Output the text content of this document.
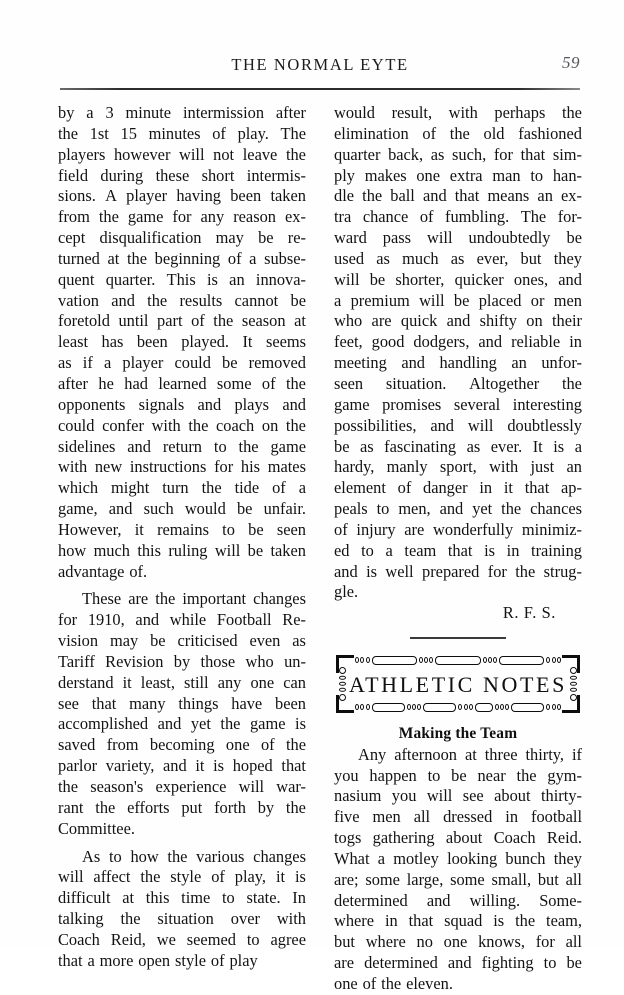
THE NORMAL EYTE	59
by a 3 minute intermission after
the 1st 15 minutes of play. The
players however will not leave the
field during these short intermis-
sions. A player having been taken
from the game for any reason ex-
cept disqualification may be re-
turned at the beginning of a subse-
quent quarter. This is an innova-
vation and the results cannot be
foretold until part of the season at
least has been played. It seems
as if a player could be removed
after he had learned some of the
opponents signals and plays and
could confer with the coach on the
sidelines and return to the game
with new instructions for his mates
which might turn the tide of a
game, and such would be unfair.
However, it remains to be seen
how much this ruling will be taken
advantage of.
These are the important changes
for 1910, and while Football Re-
vision may be criticised even as
Tariff Revision by those who un-
derstand it least, still any one can
see that many things have been
accomplished and yet the game is
saved from becoming one of the
parlor variety, and it is hoped that
the season's experience will war-
rant the efforts put forth by the
Committee.
As to how the various changes
will affect the style of play, it is
difficult at this time to state. In
talking the situation over with
Coach Reid, we seemed to agree
that a more open style of play
would result, with perhaps the
elimination of the old fashioned
quarter back, as such, for that sim-
ply makes one extra man to han-
dle the ball and that means an ex-
tra chance of fumbling. The for-
ward pass will undoubtedly be
used as much as ever, but they
will be shorter, quicker ones, and
a premium will be placed or men
who are quick and shifty on their
feet, good dodgers, and reliable in
meeting and handling an unfor-
seen situation. Altogether the
game promises several interesting
possibilities, and will doubtlessly
be as fascinating as ever. It is a
hardy, manly sport, with just an
element of danger in it that ap-
peals to men, and yet the chances
of injury are wonderfully minimiz-
ed to a team that is in training
and is well prepared for the strug-
gle.
R. F. S.
ATHLETIC NOTES
Making the Team
Any afternoon at three thirty, if
you happen to be near the gym-
nasium you will see about thirty-
five men all dressed in football
togs gathering about Coach Reid.
What a motley looking bunch they
are; some large, some small, but all
determined and willing. Some-
where in that squad is the team,
but where no one knows, for all
are determined and fighting to be
one of the eleven.
